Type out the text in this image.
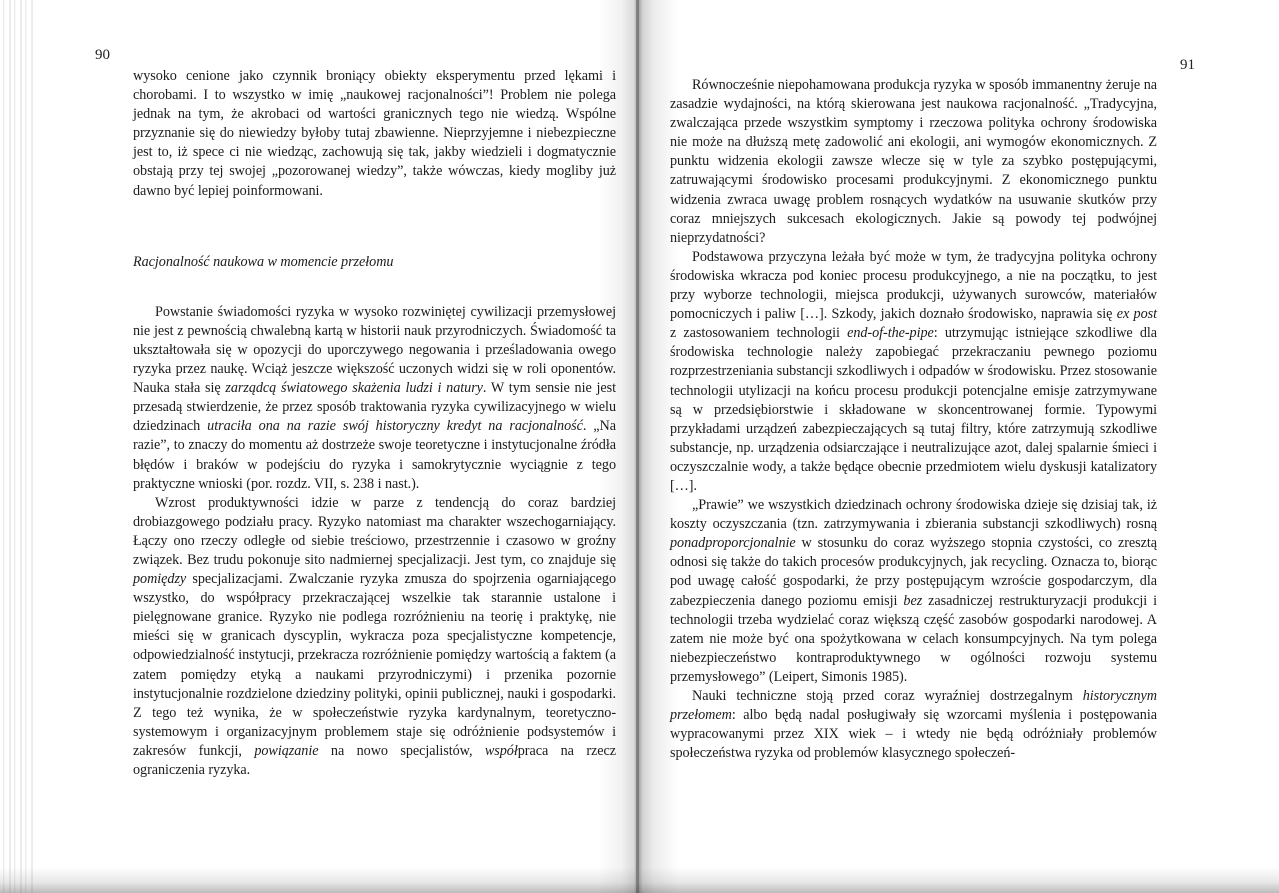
90
91

wysoko cenione jako czynnik broniący obiekty eksperymentu przed lękami i chorobami. I to wszystko w imię „naukowej racjonalności”! Problem nie polega jednak na tym, że akrobaci od wartości granicznych tego nie wiedzą. Wspólne przyznanie się do niewiedzy byłoby tutaj zbawienne. Nieprzyjemne i niebezpieczne jest to, iż spece ci nie wiedząc, zachowują się tak, jakby wiedzieli i dogmatycznie obstają przy tej swojej „pozorowanej wiedzy”, także wówczas, kiedy mogliby już dawno być lepiej poinformowani.

Racjonalność naukowa w momencie przełomu

Powstanie świadomości ryzyka w wysoko rozwiniętej cywilizacji przemysłowej nie jest z pewnością chwalebną kartą w historii nauk przyrodniczych. Świadomość ta ukształtowała się w opozycji do uporczywego negowania i prześladowania owego ryzyka przez naukę. Wciąż jeszcze większość uczonych widzi się w roli oponentów. Nauka stała się zarządcą światowego skażenia ludzi i natury. W tym sensie nie jest przesadą stwierdzenie, że przez sposób traktowania ryzyka cywilizacyjnego w wielu dziedzinach utraciła ona na razie swój historyczny kredyt na racjonalność. „Na razie”, to znaczy do momentu aż dostrzeże swoje teoretyczne i instytucjonalne źródła błędów i braków w podejściu do ryzyka i samokrytycznie wyciągnie z tego praktyczne wnioski (por. rozdz. VII, s. 238 i nast.).

Wzrost produktywności idzie w parze z tendencją do coraz bardziej drobiazgowego podziału pracy. Ryzyko natomiast ma charakter wszechogarniający. Łączy ono rzeczy odległe od siebie treściowo, przestrzennie i czasowo w groźny związek. Bez trudu pokonuje sito nadmiernej specjalizacji. Jest tym, co znajduje się pomiędzy specjalizacjami. Zwalczanie ryzyka zmusza do spojrzenia ogarniającego wszystko, do współpracy przekraczającej wszelkie tak starannie ustalone i pielęgnowane granice. Ryzyko nie podlega rozróżnieniu na teorię i praktykę, nie mieści się w granicach dyscyplin, wykracza poza specjalistyczne kompetencje, odpowiedzialność instytucji, przekracza rozróżnienie pomiędzy wartością a faktem (a zatem pomiędzy etyką a naukami przyrodniczymi) i przenika pozornie instytucjonalnie rozdzielone dziedziny polityki, opinii publicznej, nauki i gospodarki. Z tego też wynika, że w społeczeństwie ryzyka kardynalnym, teoretyczno-systemowym i organizacyjnym problemem staje się odróżnienie podsystemów i zakresów funkcji, powiązanie na nowo specjalistów, współpraca na rzecz ograniczenia ryzyka.

Równocześnie niepohamowana produkcja ryzyka w sposób immanentny żeruje na zasadzie wydajności, na którą skierowana jest naukowa racjonalność. „Tradycyjna, zwalczająca przede wszystkim symptomy i rzeczowa polityka ochrony środowiska nie może na dłuższą metę zadowolić ani ekologii, ani wymogów ekonomicznych. Z punktu widzenia ekologii zawsze wlecze się w tyle za szybko postępującymi, zatruwającymi środowisko procesami produkcyjnymi. Z ekonomicznego punktu widzenia zwraca uwagę problem rosnących wydatków na usuwanie skutków przy coraz mniejszych sukcesach ekologicznych. Jakie są powody tej podwójnej nieprzydatności?

Podstawowa przyczyna leżała być może w tym, że tradycyjna polityka ochrony środowiska wkracza pod koniec procesu produkcyjnego, a nie na początku, to jest przy wyborze technologii, miejsca produkcji, używanych surowców, materiałów pomocniczych i paliw […]. Szkody, jakich doznało środowisko, naprawia się ex post z zastosowaniem technologii end-of-the-pipe: utrzymując istniejące szkodliwe dla środowiska technologie należy zapobiegać przekraczaniu pewnego poziomu rozprzestrzeniania substancji szkodliwych i odpadów w środowisku. Przez stosowanie technologii utylizacji na końcu procesu produkcji potencjalne emisje zatrzymywane są w przedsiębiorstwie i składowane w skoncentrowanej formie. Typowymi przykładami urządzeń zabezpieczających są tutaj filtry, które zatrzymują szkodliwe substancje, np. urządzenia odsiarczające i neutralizujące azot, dalej spalarnie śmieci i oczyszczalnie wody, a także będące obecnie przedmiotem wielu dyskusji katalizatory […].

„Prawie” we wszystkich dziedzinach ochrony środowiska dzieje się dzisiaj tak, iż koszty oczyszczania (tzn. zatrzymywania i zbierania substancji szkodliwych) rosną ponadproporcjonalnie w stosunku do coraz wyższego stopnia czystości, co zresztą odnosi się także do takich procesów produkcyjnych, jak recycling. Oznacza to, biorąc pod uwagę całość gospodarki, że przy postępującym wzroście gospodarczym, dla zabezpieczenia danego poziomu emisji bez zasadniczej restrukturyzacji produkcji i technologii trzeba wydzielać coraz większą część zasobów gospodarki narodowej. A zatem nie może być ona spożytkowana w celach konsumpcyjnych. Na tym polega niebezpieczeństwo kontraproduktywnego w ogólności rozwoju systemu przemysłowego” (Leipert, Simonis 1985).

Nauki techniczne stoją przed coraz wyraźniej dostrzegalnym historycznym przełomem: albo będą nadal posługiwały się wzorcami myślenia i postępowania wypracowanymi przez XIX wiek – i wtedy nie będą odróżniały problemów społeczeństwa ryzyka od problemów klasycznego społeczeń-
